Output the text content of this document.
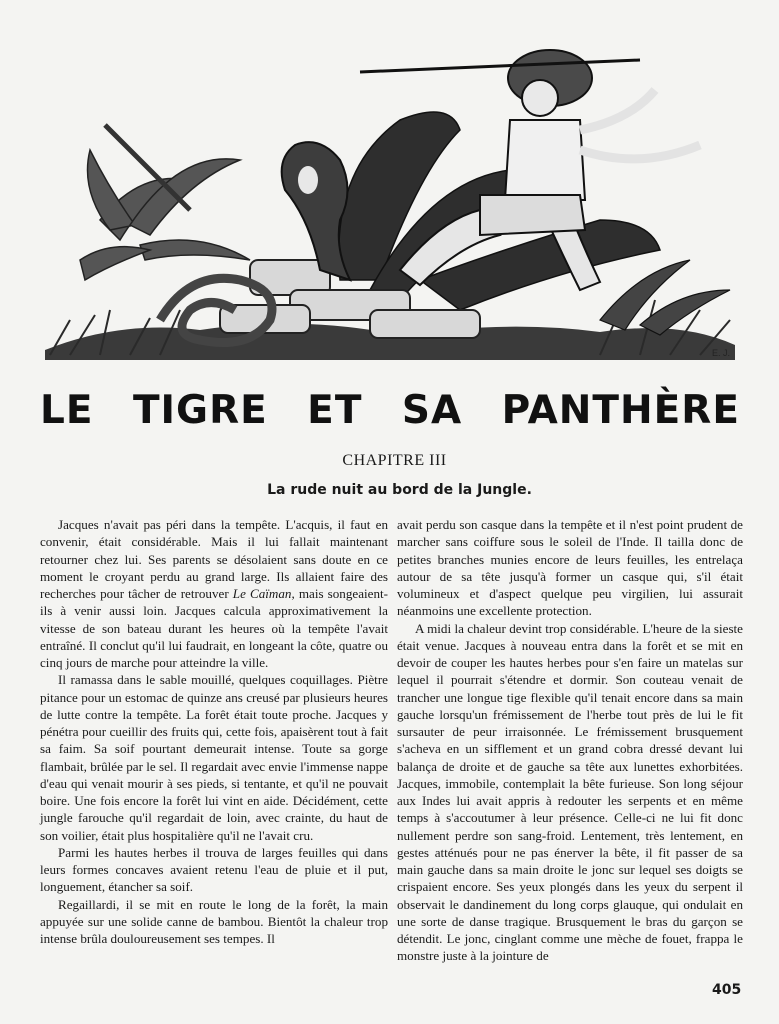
E. J.
LE TIGRE ET SA PANTHÈRE
CHAPITRE III
La rude nuit au bord de la Jungle.

Jacques n'avait pas péri dans la tempête. L'acquis, il faut en convenir, était considérable. Mais il lui fallait maintenant retourner chez lui. Ses parents se désolaient sans doute en ce moment le croyant perdu au grand large. Ils allaient faire des recherches pour tâcher de retrouver Le Caïman, mais songeaient-ils à venir aussi loin. Jacques calcula approximativement la vitesse de son bateau durant les heures où la tempête l'avait entraîné. Il conclut qu'il lui faudrait, en longeant la côte, quatre ou cinq jours de marche pour atteindre la ville.

Il ramassa dans le sable mouillé, quelques coquillages. Piètre pitance pour un estomac de quinze ans creusé par plusieurs heures de lutte contre la tempête. La forêt était toute proche. Jacques y pénétra pour cueillir des fruits qui, cette fois, apaisèrent tout à fait sa faim. Sa soif pourtant demeurait intense. Toute sa gorge flambait, brûlée par le sel. Il regardait avec envie l'immense nappe d'eau qui venait mourir à ses pieds, si tentante, et qu'il ne pouvait boire. Une fois encore la forêt lui vint en aide. Décidément, cette jungle farouche qu'il regardait de loin, avec crainte, du haut de son voilier, était plus hospitalière qu'il ne l'avait cru.

Parmi les hautes herbes il trouva de larges feuilles qui dans leurs formes concaves avaient retenu l'eau de pluie et il put, longuement, étancher sa soif.

Regaillardi, il se mit en route le long de la forêt, la main appuyée sur une solide canne de bambou. Bientôt la chaleur trop intense brûla douloureusement ses tempes. Il

avait perdu son casque dans la tempête et il n'est point prudent de marcher sans coiffure sous le soleil de l'Inde. Il tailla donc de petites branches munies encore de leurs feuilles, les entrelaça autour de sa tête jusqu'à former un casque qui, s'il était volumineux et d'aspect quelque peu virgilien, lui assurait néanmoins une excellente protection.

A midi la chaleur devint trop considérable. L'heure de la sieste était venue. Jacques à nouveau entra dans la forêt et se mit en devoir de couper les hautes herbes pour s'en faire un matelas sur lequel il pourrait s'étendre et dormir. Son couteau venait de trancher une longue tige flexible qu'il tenait encore dans sa main gauche lorsqu'un frémissement de l'herbe tout près de lui le fit sursauter de peur irraisonnée. Le frémissement brusquement s'acheva en un sifflement et un grand cobra dressé devant lui balança de droite et de gauche sa tête aux lunettes exhorbitées. Jacques, immobile, contemplait la bête furieuse. Son long séjour aux Indes lui avait appris à redouter les serpents et en même temps à s'accoutumer à leur présence. Celle-ci ne lui fit donc nullement perdre son sang-froid. Lentement, très lentement, en gestes atténués pour ne pas énerver la bête, il fit passer de sa main gauche dans sa main droite le jonc sur lequel ses doigts se crispaient encore. Ses yeux plongés dans les yeux du serpent il observait le dandinement du long corps glauque, qui ondulait en une sorte de danse tragique. Brusquement le bras du garçon se détendit. Le jonc, cinglant comme une mèche de fouet, frappa le monstre juste à la jointure de

405
